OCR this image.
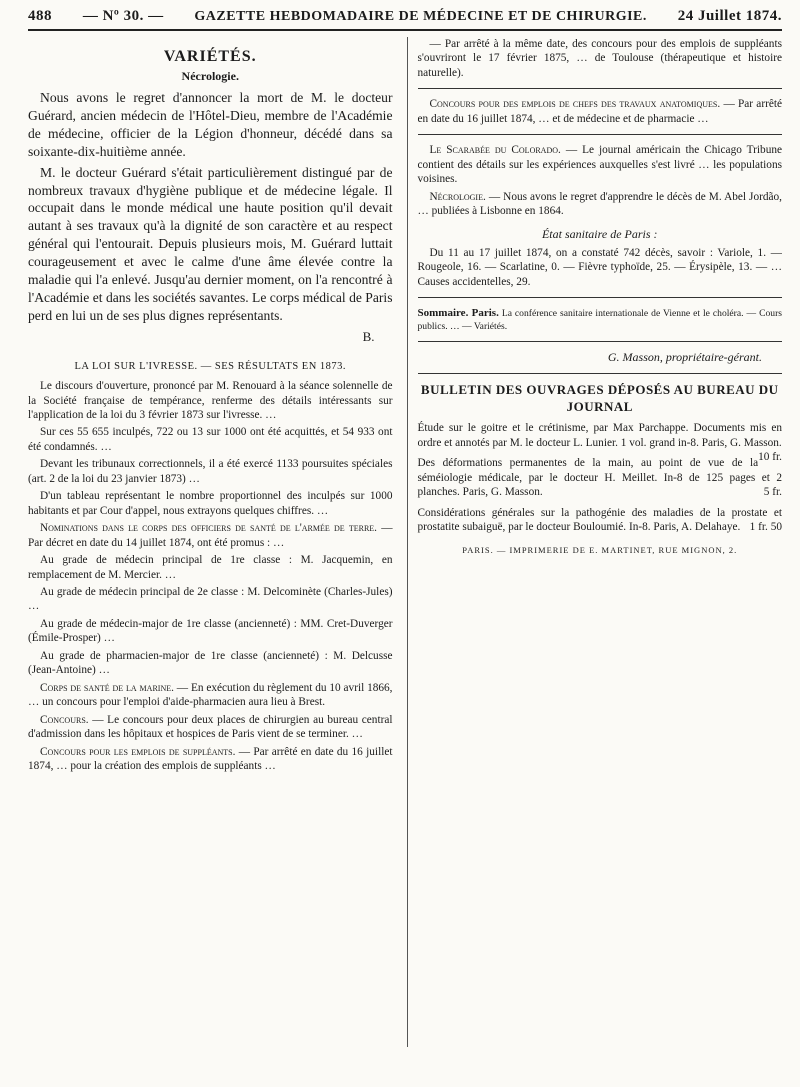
488 — Nº 30. — GAZETTE HEBDOMADAIRE DE MÉDECINE ET DE CHIRURGIE. 24 Juillet 1874.
VARIÉTÉS.
Nécrologie.

Nous avons le regret d'annoncer la mort de M. le docteur Guérard, ancien médecin de l'Hôtel-Dieu, membre de l'Académie de médecine, officier de la Légion d'honneur, décédé dans sa soixante-dix-huitième année.

M. le docteur Guérard s'était particulièrement distingué par de nombreux travaux d'hygiène publique et de médecine légale. Il occupait dans le monde médical une haute position qu'il devait autant à ses travaux qu'à la dignité de son caractère et au respect général qui l'entourait. Depuis plusieurs mois, M. Guérard luttait courageusement et avec le calme d'une âme élevée contre la maladie qui l'a enlevé. Jusqu'au dernier moment, on l'a rencontré à l'Académie et dans les sociétés savantes. Le corps médical de Paris perd en lui un de ses plus dignes représentants.

B.
LA LOI SUR L'IVRESSE. — SES RÉSULTATS EN 1873.

Le discours d'ouverture, prononcé par M. Renouard à la séance solennelle de la Société française de tempérance, renferme des détails intéressants sur l'application de la loi du 3 février 1873 sur l'ivresse. …

Sur ces 55 655 inculpés, 722 ou 13 sur 1000 ont été acquittés, et 54 933 ont été condamnés. …

Devant les tribunaux correctionnels, il a été exercé 1133 poursuites spéciales (art. 2 de la loi du 23 janvier 1873) …

D'un tableau représentant le nombre proportionnel des inculpés sur 1000 habitants et par Cour d'appel, nous extrayons quelques chiffres. …

Nominations dans le corps des officiers de santé de l'armée de terre. — Par décret en date du 14 juillet 1874, ont été promus : …

Au grade de médecin principal de 1re classe : M. Jacquemin, en remplacement de M. Mercier. …

Au grade de médecin principal de 2e classe : M. Delcominète (Charles-Jules) …

Au grade de médecin-major de 1re classe (ancienneté) : MM. Cret-Duverger (Émile-Prosper) …

Au grade de pharmacien-major de 1re classe (ancienneté) : M. Delcusse (Jean-Antoine) …

Corps de santé de la marine. — En exécution du règlement du 10 avril 1866, … un concours pour l'emploi d'aide-pharmacien aura lieu à Brest.

Concours. — Le concours pour deux places de chirurgien au bureau central d'admission dans les hôpitaux et hospices de Paris vient de se terminer. …

Concours pour les emplois de suppléants. — Par arrêté en date du 16 juillet 1874, … pour la création des emplois de suppléants …

— Par arrêté à la même date, des concours pour des emplois de suppléants s'ouvriront le 17 février 1875, … de Toulouse (thérapeutique et histoire naturelle).

Concours pour des emplois de chefs des travaux anatomiques. — Par arrêté en date du 16 juillet 1874, … et de médecine et de pharmacie …

Le Scarabée du Colorado. — Le journal américain the Chicago Tribune contient des détails sur les expériences auxquelles s'est livré … les populations voisines.

Nécrologie. — Nous avons le regret d'apprendre le décès de M. Abel Jordão, … publiées à Lisbonne en 1864.

État sanitaire de Paris :

Du 11 au 17 juillet 1874, on a constaté 742 décès, savoir : Variole, 1. — Rougeole, 16. — Scarlatine, 0. — Fièvre typhoïde, 25. — Érysipèle, 13. — … Causes accidentelles, 29.

Sommaire. Paris. La conférence sanitaire internationale de Vienne et le choléra. — Cours publics. … — Variétés.
G. Masson, propriétaire-gérant.
BULLETIN DES OUVRAGES DÉPOSÉS AU BUREAU DU JOURNAL
Étude sur le goitre et le crétinisme, par Max Parchappe. Documents mis en ordre et annotés par M. le docteur L. Lunier. 1 vol. grand in-8. Paris, G. Masson.
10 fr.
Des déformations permanentes de la main, au point de vue de la séméiologie médicale, par le docteur H. Meillet. In-8 de 125 pages et 2 planches. Paris, G. Masson.	5 fr.
Considérations générales sur la pathogénie des maladies de la prostate et prostatite subaiguë, par le docteur Bouloumié. In-8. Paris, A. Delahaye. 1 fr. 50
PARIS. — IMPRIMERIE DE E. MARTINET, RUE MIGNON, 2.
